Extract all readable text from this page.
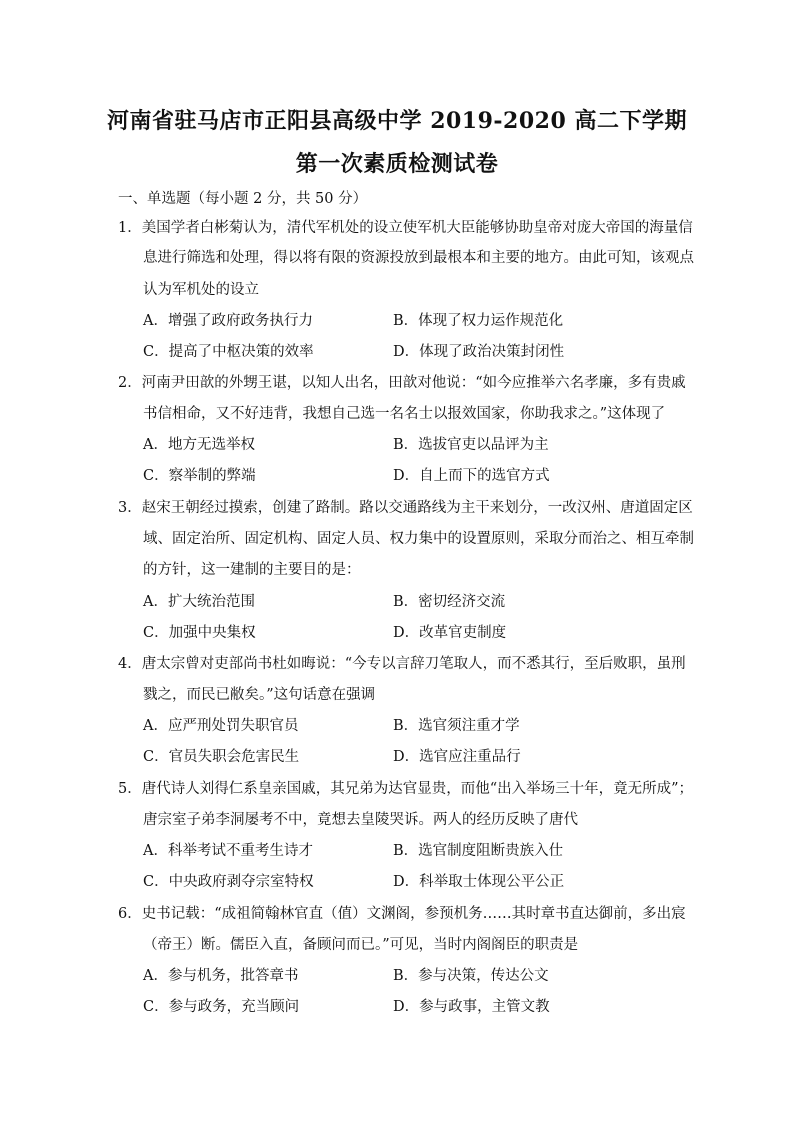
河南省驻马店市正阳县高级中学 2019-2020 高二下学期
第一次素质检测试卷
一、单选题（每小题 2 分，共 50 分）
1．美国学者白彬菊认为，清代军机处的设立使军机大臣能够协助皇帝对庞大帝国的海量信
息进行筛选和处理，得以将有限的资源投放到最根本和主要的地方。由此可知，该观点
认为军机处的设立
A．增强了政府政务执行力	B．体现了权力运作规范化
C．提高了中枢决策的效率	D．体现了政治决策封闭性
2．河南尹田歆的外甥王谌，以知人出名，田歆对他说：“如今应推举六名孝廉，多有贵戚
书信相命，又不好违背，我想自己选一名名士以报效国家，你助我求之。”这体现了
A．地方无选举权	B．选拔官吏以品评为主
C．察举制的弊端	D．自上而下的选官方式
3．赵宋王朝经过摸索，创建了路制。路以交通路线为主干来划分，一改汉州、唐道固定区
域、固定治所、固定机构、固定人员、权力集中的设置原则，采取分而治之、相互牵制
的方针，这一建制的主要目的是：
A．扩大统治范围	B．密切经济交流
C．加强中央集权	D．改革官吏制度
4．唐太宗曾对吏部尚书杜如晦说：“今专以言辞刀笔取人，而不悉其行，至后败职，虽刑
戮之，而民已敝矣。”这句话意在强调
A．应严刑处罚失职官员	B．选官须注重才学
C．官员失职会危害民生	D．选官应注重品行
5．唐代诗人刘得仁系皇亲国戚，其兄弟为达官显贵，而他“出入举场三十年，竟无所成”；
唐宗室子弟李洞屡考不中，竟想去皇陵哭诉。两人的经历反映了唐代
A．科举考试不重考生诗才	B．选官制度阻断贵族入仕
C．中央政府剥夺宗室特权	D．科举取士体现公平公正
6．史书记载：“成祖简翰林官直（值）文渊阁，参预机务……其时章书直达御前，多出宸
（帝王）断。儒臣入直，备顾问而已。”可见，当时内阁阁臣的职责是
A．参与机务，批答章书	B．参与决策，传达公文
C．参与政务，充当顾问	D．参与政事，主管文教
